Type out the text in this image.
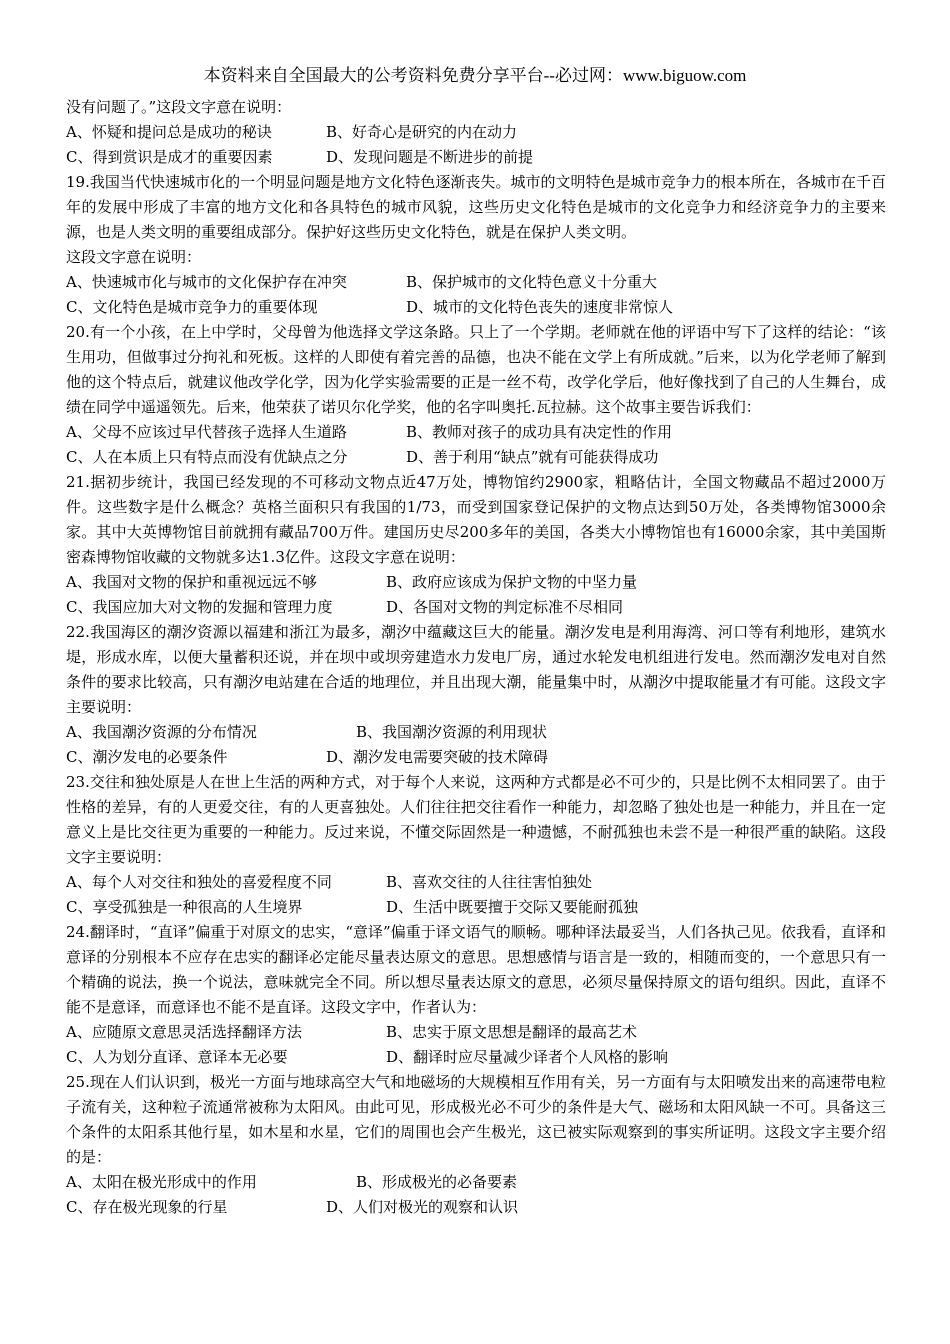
本资料来自全国最大的公考资料免费分享平台--必过网：www.biguow.com

没有问题了。”这段文字意在说明：

A、怀疑和提问总是成功的秘诀	B、好奇心是研究的内在动力

C、得到赏识是成才的重要因素	D、发现问题是不断进步的前提

19.我国当代快速城市化的一个明显问题是地方文化特色逐渐丧失。城市的文明特色是城市竞争力的根本所在，各城市在千百年的发展中形成了丰富的地方文化和各具特色的城市风貌，这些历史文化特色是城市的文化竞争力和经济竞争力的主要来源，也是人类文明的重要组成部分。保护好这些历史文化特色，就是在保护人类文明。

这段文字意在说明：

A、快速城市化与城市的文化保护存在冲突	B、保护城市的文化特色意义十分重大

C、文化特色是城市竞争力的重要体现	D、城市的文化特色丧失的速度非常惊人

20.有一个小孩，在上中学时，父母曾为他选择文学这条路。只上了一个学期。老师就在他的评语中写下了这样的结论：“该生用功，但做事过分拘礼和死板。这样的人即使有着完善的品德，也决不能在文学上有所成就。”后来，以为化学老师了解到他的这个特点后，就建议他改学化学，因为化学实验需要的正是一丝不苟，改学化学后，他好像找到了自己的人生舞台，成绩在同学中遥遥领先。后来，他荣获了诺贝尔化学奖，他的名字叫奥托.瓦拉赫。这个故事主要告诉我们：

A、父母不应该过早代替孩子选择人生道路	B、教师对孩子的成功具有决定性的作用

C、人在本质上只有特点而没有优缺点之分	D、善于利用“缺点”就有可能获得成功

21.据初步统计，我国已经发现的不可移动文物点近47万处，博物馆约2900家，粗略估计，全国文物藏品不超过2000万件。这些数字是什么概念？英格兰面积只有我国的1/73，而受到国家登记保护的文物点达到50万处，各类博物馆3000余家。其中大英博物馆目前就拥有藏品700万件。建国历史尽200多年的美国，各类大小博物馆也有16000余家，其中美国斯密森博物馆收藏的文物就多达1.3亿件。这段文字意在说明：

A、我国对文物的保护和重视远远不够	B、政府应该成为保护文物的中坚力量

C、我国应加大对文物的发掘和管理力度	D、各国对文物的判定标准不尽相同

22.我国海区的潮汐资源以福建和浙江为最多，潮汐中蕴藏这巨大的能量。潮汐发电是利用海湾、河口等有利地形，建筑水堤，形成水库，以便大量蓄积还说，并在坝中或坝旁建造水力发电厂房，通过水轮发电机组进行发电。然而潮汐发电对自然条件的要求比较高，只有潮汐电站建在合适的地理位，并且出现大潮，能量集中时，从潮汐中提取能量才有可能。这段文字主要说明：

A、我国潮汐资源的分布情况	B、我国潮汐资源的利用现状

C、潮汐发电的必要条件	D、潮汐发电需要突破的技术障碍

23.交往和独处原是人在世上生活的两种方式，对于每个人来说，这两种方式都是必不可少的，只是比例不太相同罢了。由于性格的差异，有的人更爱交往，有的人更喜独处。人们往往把交往看作一种能力，却忽略了独处也是一种能力，并且在一定意义上是比交往更为重要的一种能力。反过来说，不懂交际固然是一种遗憾，不耐孤独也未尝不是一种很严重的缺陷。这段文字主要说明：

A、每个人对交往和独处的喜爱程度不同	B、喜欢交往的人往往害怕独处

C、享受孤独是一种很高的人生境界	D、生活中既要擅于交际又要能耐孤独

24.翻译时，“直译”偏重于对原文的忠实，“意译”偏重于译文语气的顺畅。哪种译法最妥当，人们各执己见。依我看，直译和意译的分别根本不应存在忠实的翻译必定能尽量表达原文的意思。思想感情与语言是一致的，相随而变的，一个意思只有一个精确的说法，换一个说法，意味就完全不同。所以想尽量表达原文的意思，必须尽量保持原文的语句组织。因此，直译不能不是意译，而意译也不能不是直译。这段文字中，作者认为：

A、应随原文意思灵活选择翻译方法	B、忠实于原文思想是翻译的最高艺术

C、人为划分直译、意译本无必要	D、翻译时应尽量减少译者个人风格的影响

25.现在人们认识到，极光一方面与地球高空大气和地磁场的大规模相互作用有关，另一方面有与太阳喷发出来的高速带电粒子流有关，这种粒子流通常被称为太阳风。由此可见，形成极光必不可少的条件是大气、磁场和太阳风缺一不可。具备这三个条件的太阳系其他行星，如木星和水星，它们的周围也会产生极光，这已被实际观察到的事实所证明。这段文字主要介绍的是：

A、太阳在极光形成中的作用	B、形成极光的必备要素

C、存在极光现象的行星	D、人们对极光的观察和认识
